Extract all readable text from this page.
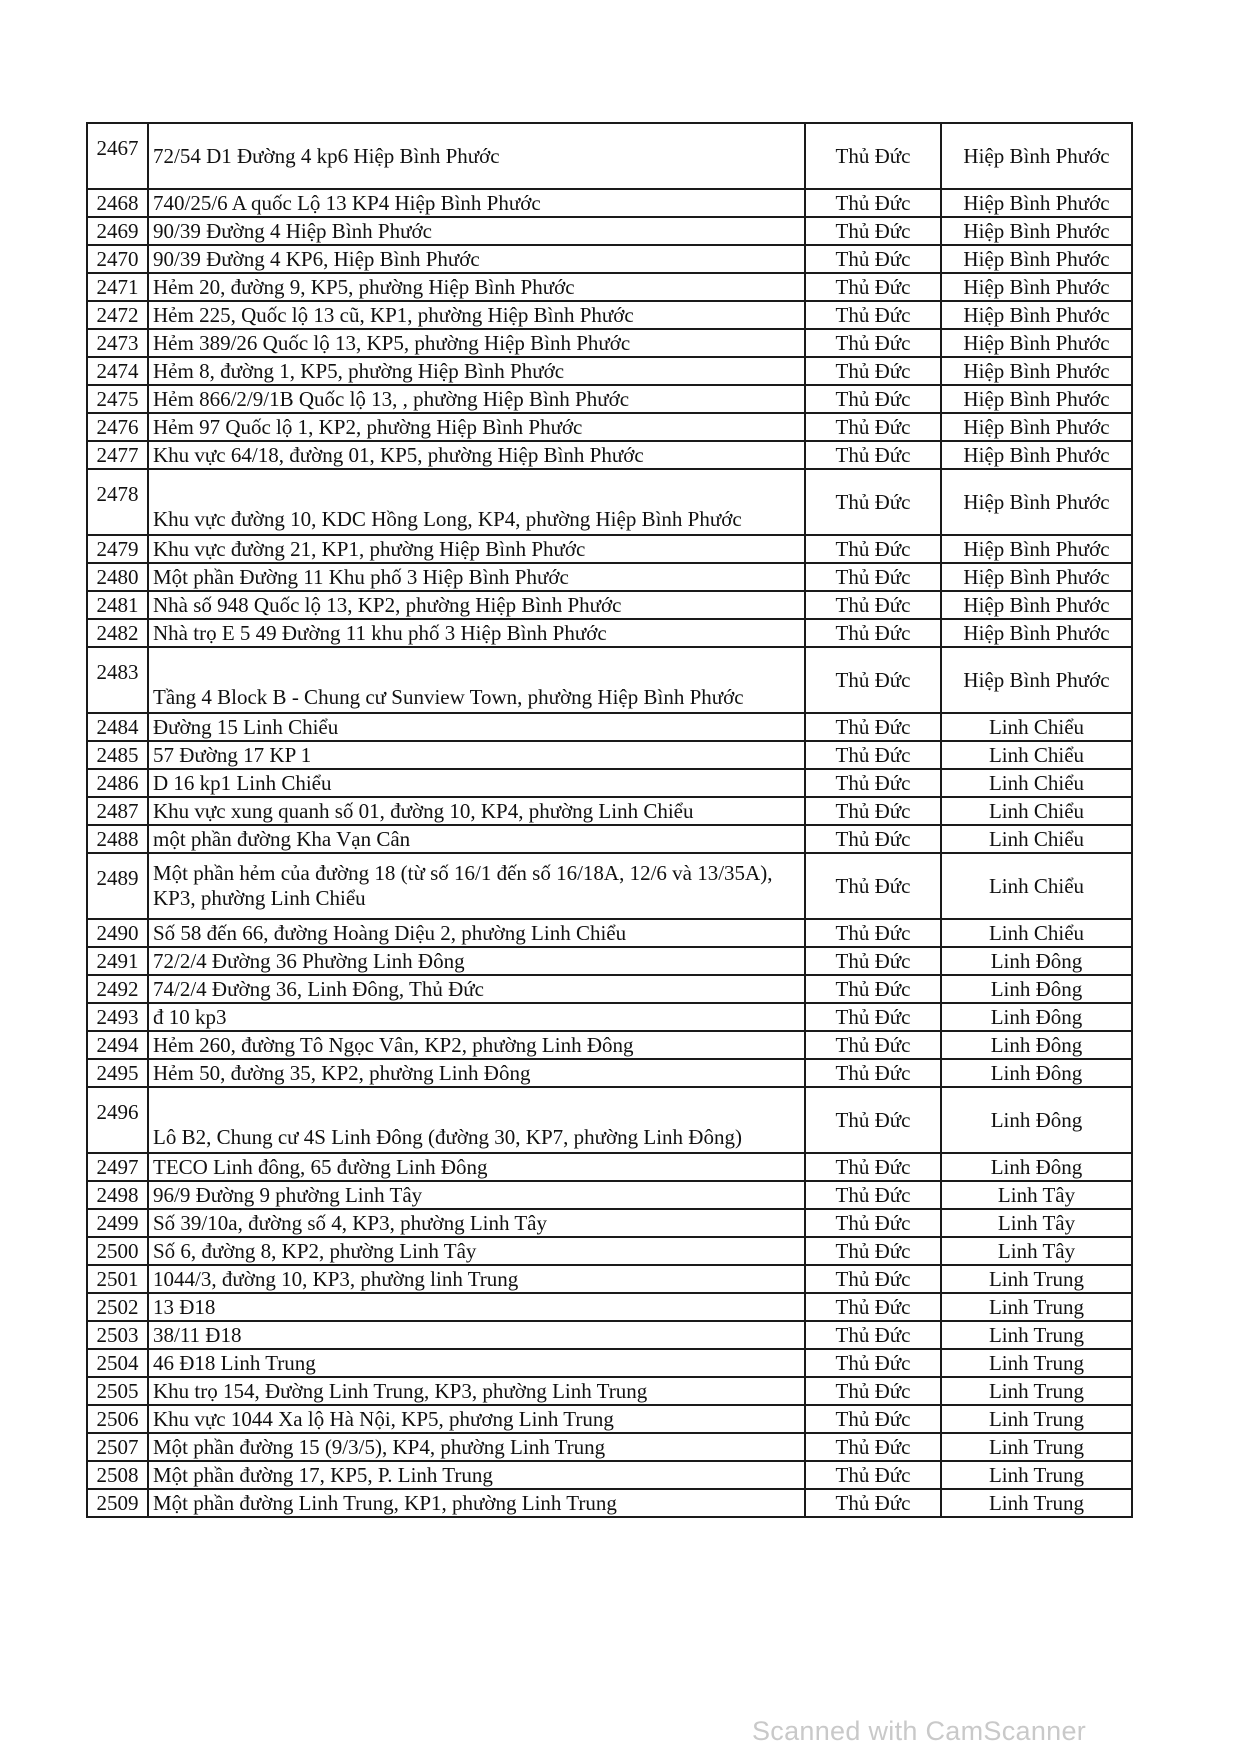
2467	72/54 D1 Đường 4 kp6 Hiệp Bình Phước	Thủ Đức	Hiệp Bình Phước
2468	740/25/6 A quốc Lộ 13 KP4 Hiệp Bình Phước	Thủ Đức	Hiệp Bình Phước
2469	90/39 Đường 4 Hiệp Bình Phước	Thủ Đức	Hiệp Bình Phước
2470	90/39 Đường 4 KP6, Hiệp Bình Phước	Thủ Đức	Hiệp Bình Phước
2471	Hẻm 20, đường 9, KP5, phường Hiệp Bình Phước	Thủ Đức	Hiệp Bình Phước
2472	Hẻm 225, Quốc lộ 13 cũ, KP1, phường Hiệp Bình Phước	Thủ Đức	Hiệp Bình Phước
2473	Hẻm 389/26 Quốc lộ 13, KP5, phường Hiệp Bình Phước	Thủ Đức	Hiệp Bình Phước
2474	Hẻm 8, đường 1, KP5, phường Hiệp Bình Phước	Thủ Đức	Hiệp Bình Phước
2475	Hẻm 866/2/9/1B Quốc lộ 13, , phường Hiệp Bình Phước	Thủ Đức	Hiệp Bình Phước
2476	Hẻm 97 Quốc lộ 1, KP2, phường Hiệp Bình Phước	Thủ Đức	Hiệp Bình Phước
2477	Khu vực 64/18, đường 01, KP5, phường Hiệp Bình Phước	Thủ Đức	Hiệp Bình Phước
2478	Khu vực đường 10, KDC Hồng Long, KP4, phường Hiệp Bình Phước	Thủ Đức	Hiệp Bình Phước
2479	Khu vực đường 21, KP1, phường Hiệp Bình Phước	Thủ Đức	Hiệp Bình Phước
2480	Một phần Đường 11 Khu phố 3 Hiệp Bình Phước	Thủ Đức	Hiệp Bình Phước
2481	Nhà số 948 Quốc lộ 13, KP2, phường Hiệp Bình Phước	Thủ Đức	Hiệp Bình Phước
2482	Nhà trọ E 5 49 Đường 11 khu phố 3 Hiệp Bình Phước	Thủ Đức	Hiệp Bình Phước
2483	Tầng 4 Block B - Chung cư Sunview Town, phường Hiệp Bình Phước	Thủ Đức	Hiệp Bình Phước
2484	Đường 15 Linh Chiểu	Thủ Đức	Linh Chiểu
2485	57 Đường 17 KP 1	Thủ Đức	Linh Chiểu
2486	D 16 kp1 Linh Chiểu	Thủ Đức	Linh Chiểu
2487	Khu vực xung quanh số 01, đường 10, KP4, phường Linh Chiểu	Thủ Đức	Linh Chiểu
2488	một phần đường Kha Vạn Cân	Thủ Đức	Linh Chiểu
2489	Một phần hẻm của đường 18 (từ số 16/1 đến số 16/18A, 12/6 và 13/35A), KP3, phường Linh Chiểu	Thủ Đức	Linh Chiểu
2490	Số 58 đến 66, đường Hoàng Diệu 2, phường Linh Chiểu	Thủ Đức	Linh Chiểu
2491	72/2/4 Đường 36 Phường Linh Đông	Thủ Đức	Linh Đông
2492	74/2/4 Đường 36, Linh Đông, Thủ Đức	Thủ Đức	Linh Đông
2493	đ 10 kp3	Thủ Đức	Linh Đông
2494	Hẻm 260, đường Tô Ngọc Vân, KP2, phường Linh Đông	Thủ Đức	Linh Đông
2495	Hẻm 50, đường 35, KP2, phường Linh Đông	Thủ Đức	Linh Đông
2496	Lô B2, Chung cư 4S Linh Đông (đường 30, KP7, phường Linh Đông)	Thủ Đức	Linh Đông
2497	TECO Linh đông, 65 đường Linh Đông	Thủ Đức	Linh Đông
2498	96/9 Đường 9 phường Linh Tây	Thủ Đức	Linh Tây
2499	Số 39/10a, đường số 4, KP3, phường Linh Tây	Thủ Đức	Linh Tây
2500	Số 6, đường 8, KP2, phường Linh Tây	Thủ Đức	Linh Tây
2501	1044/3, đường 10, KP3, phường linh Trung	Thủ Đức	Linh Trung
2502	13 Đ18	Thủ Đức	Linh Trung
2503	38/11 Đ18	Thủ Đức	Linh Trung
2504	46 Đ18 Linh Trung	Thủ Đức	Linh Trung
2505	Khu trọ 154, Đường Linh Trung, KP3, phường Linh Trung	Thủ Đức	Linh Trung
2506	Khu vực 1044 Xa lộ Hà Nội, KP5, phương Linh Trung	Thủ Đức	Linh Trung
2507	Một phần đường 15 (9/3/5), KP4, phường Linh Trung	Thủ Đức	Linh Trung
2508	Một phần đường 17, KP5, P. Linh Trung	Thủ Đức	Linh Trung
2509	Một phần đường Linh Trung, KP1, phường Linh Trung	Thủ Đức	Linh Trung
Scanned with CamScanner
